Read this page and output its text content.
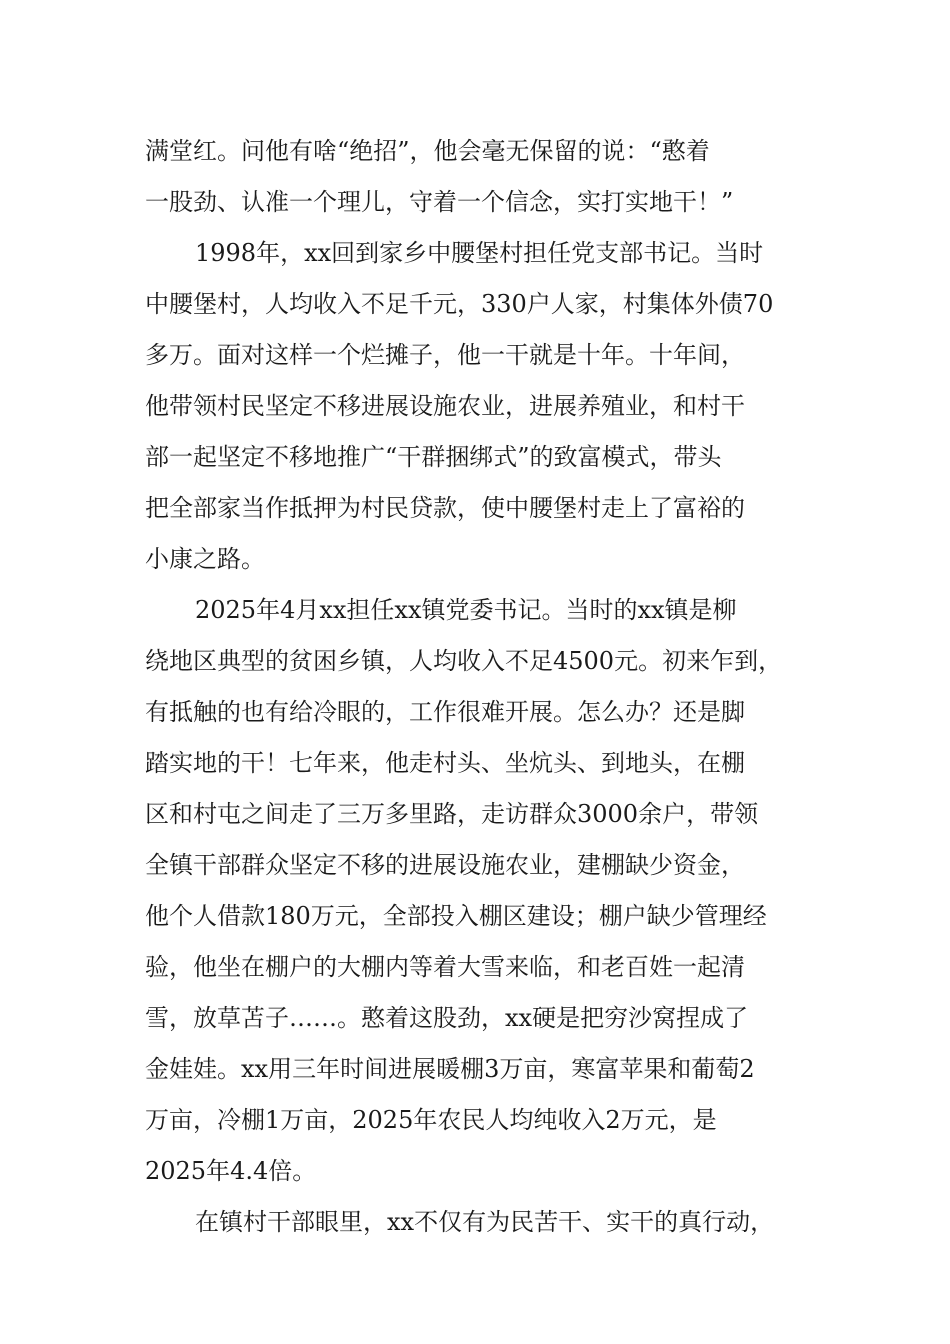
满堂红。问他有啥“绝招”，他会毫无保留的说：“憨着
一股劲、认准一个理儿，守着一个信念，实打实地干！”
1998年，xx回到家乡中腰堡村担任党支部书记。当时
中腰堡村，人均收入不足千元，330户人家，村集体外债70
多万。面对这样一个烂摊子，他一干就是十年。十年间，
他带领村民坚定不移进展设施农业，进展养殖业，和村干
部一起坚定不移地推广“干群捆绑式”的致富模式，带头
把全部家当作抵押为村民贷款，使中腰堡村走上了富裕的
小康之路。
2025年4月xx担任xx镇党委书记。当时的xx镇是柳
绕地区典型的贫困乡镇，人均收入不足4500元。初来乍到，
有抵触的也有给冷眼的，工作很难开展。怎么办？还是脚
踏实地的干！七年来，他走村头、坐炕头、到地头，在棚
区和村屯之间走了三万多里路，走访群众3000余户，带领
全镇干部群众坚定不移的进展设施农业，建棚缺少资金，
他个人借款180万元，全部投入棚区建设；棚户缺少管理经
验，他坐在棚户的大棚内等着大雪来临，和老百姓一起清
雪，放草苫子……。憨着这股劲，xx硬是把穷沙窝捏成了
金娃娃。xx用三年时间进展暖棚3万亩，寒富苹果和葡萄2
万亩，冷棚1万亩，2025年农民人均纯收入2万元，是
2025年4.4倍。
在镇村干部眼里，xx不仅有为民苦干、实干的真行动，
